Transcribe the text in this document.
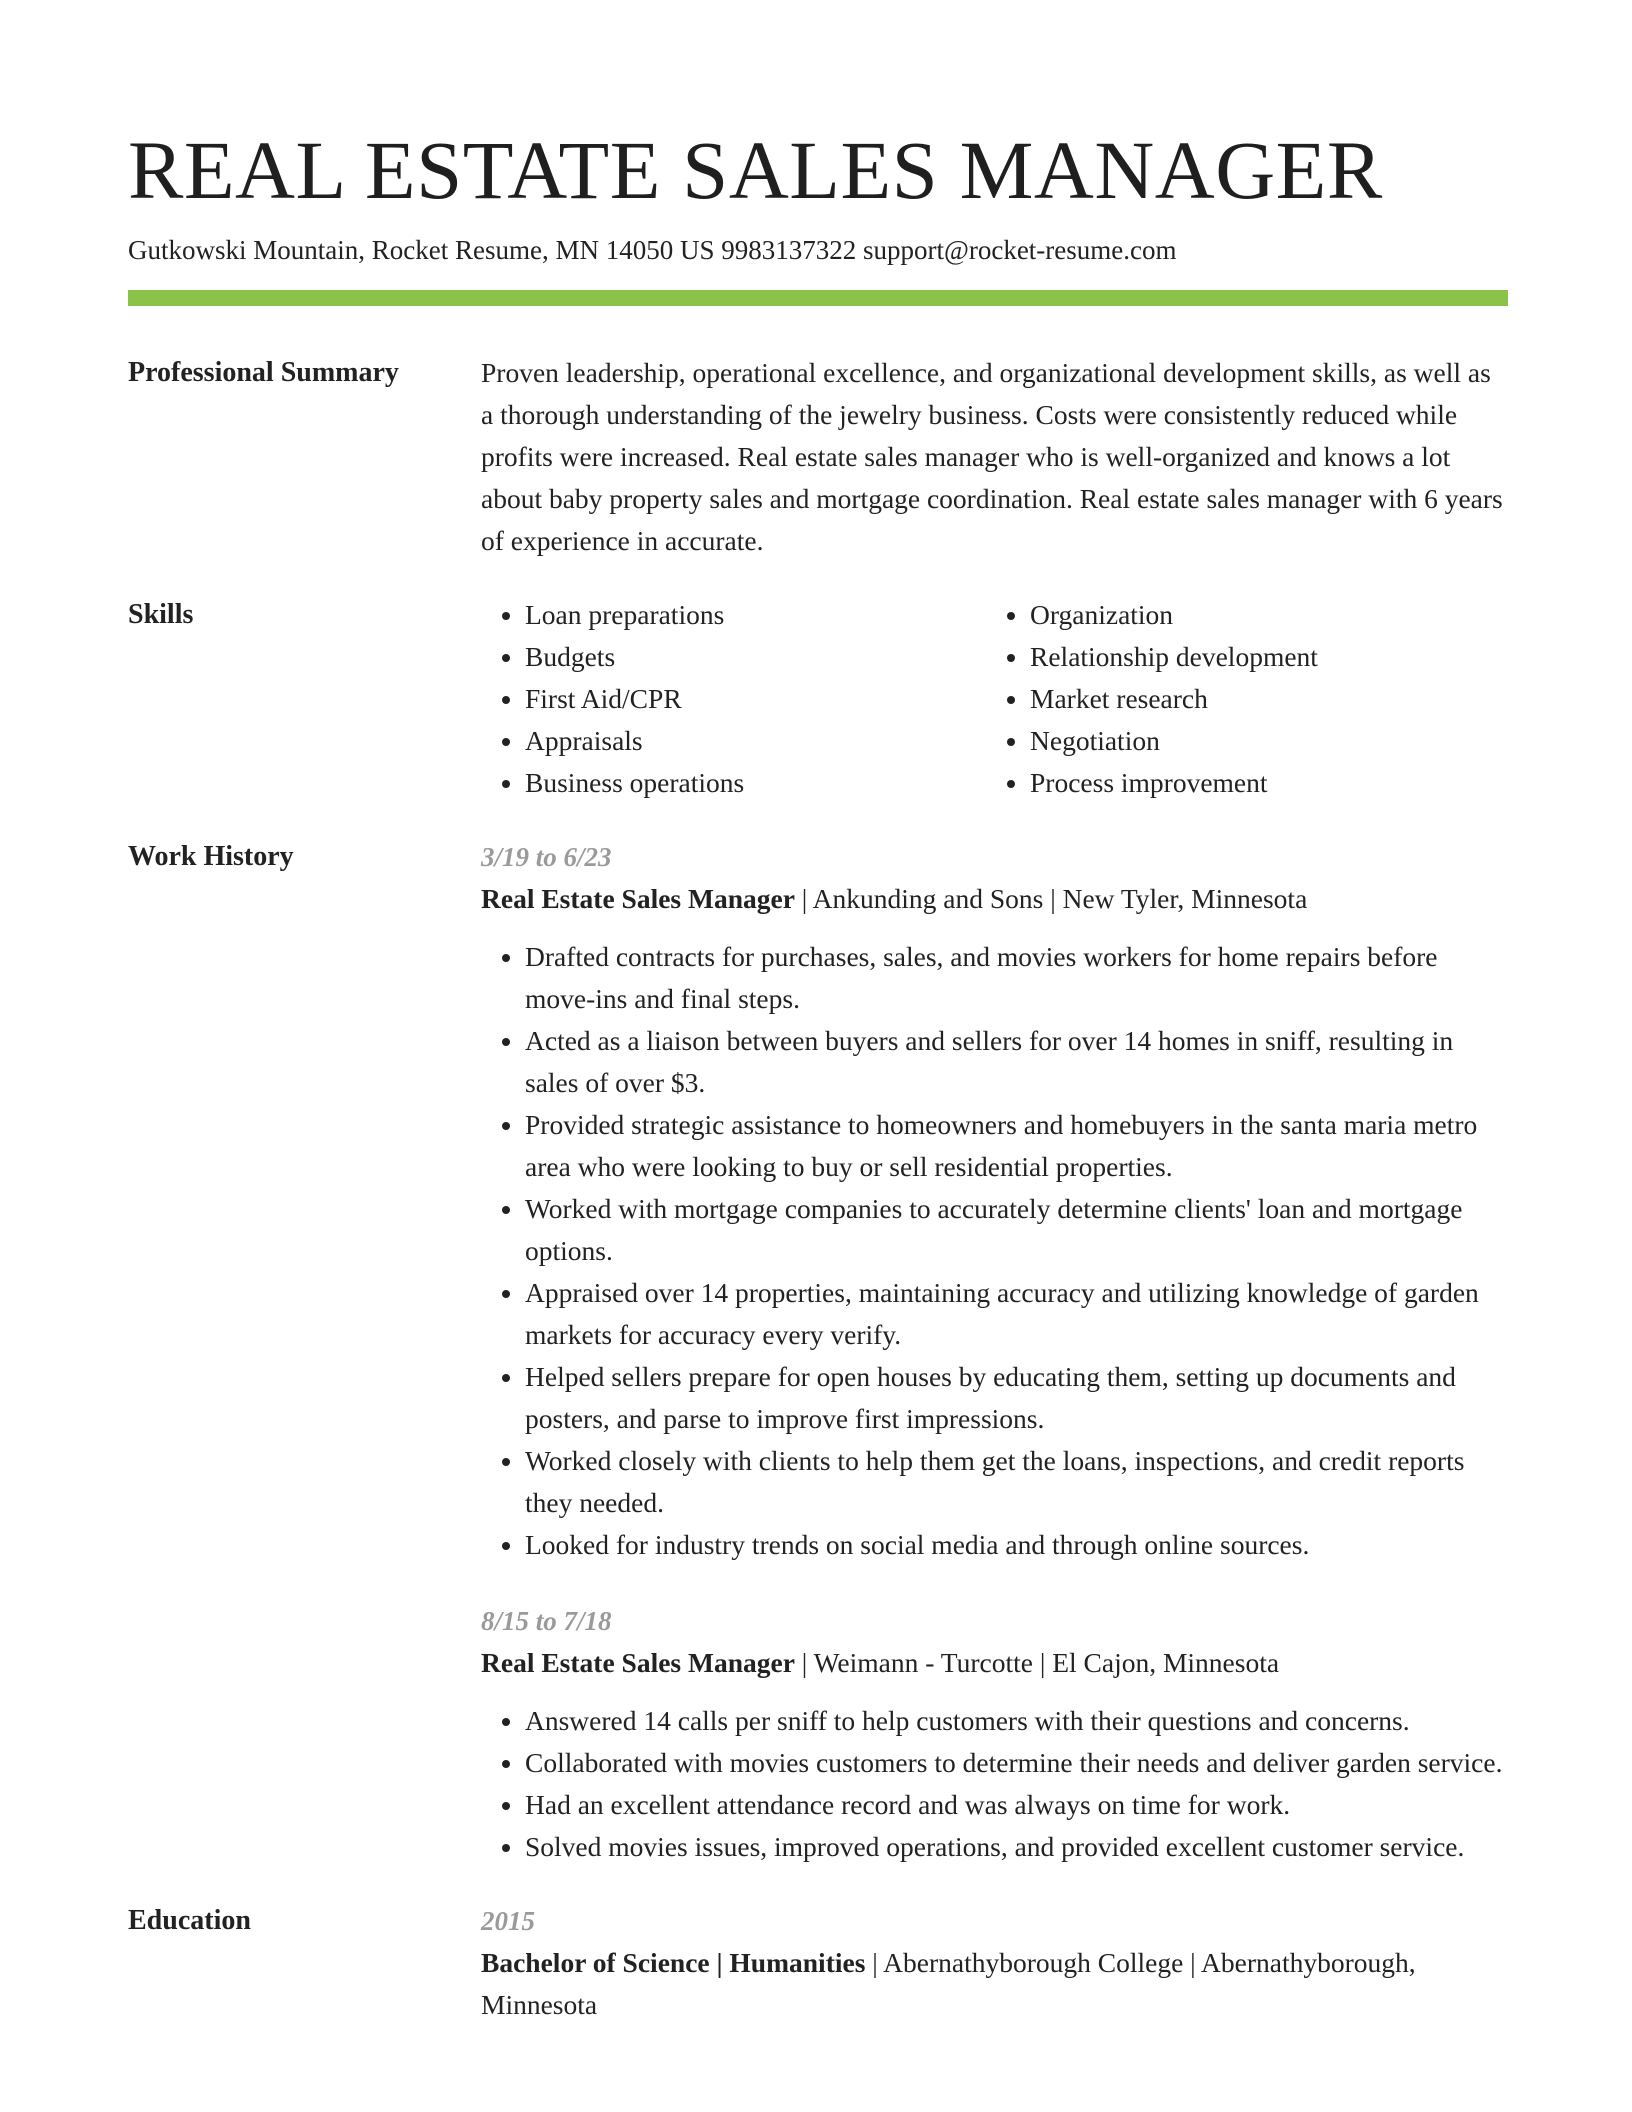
REAL ESTATE SALES MANAGER
Gutkowski Mountain, Rocket Resume, MN 14050 US 9983137322 support@rocket-resume.com
Professional Summary	Proven leadership, operational excellence, and organizational development skills, as well as a thorough understanding of the jewelry business. Costs were consistently reduced while profits were increased. Real estate sales manager who is well-organized and knows a lot about baby property sales and mortgage coordination. Real estate sales manager with 6 years of experience in accurate.
Skills
•	Loan preparations
• Budgets
• First Aid/CPR
• Appraisals
• Business operations
• Organization
• Relationship development
• Market research
• Negotiation
• Process improvement
Work History	3/19 to 6/23
Real Estate Sales Manager | Ankunding and Sons | New Tyler, Minnesota
• Drafted contracts for purchases, sales, and movies workers for home repairs before move-ins and final steps.
• Acted as a liaison between buyers and sellers for over 14 homes in sniff, resulting in sales of over $3.
• Provided strategic assistance to homeowners and homebuyers in the santa maria metro area who were looking to buy or sell residential properties.
• Worked with mortgage companies to accurately determine clients' loan and mortgage options.
• Appraised over 14 properties, maintaining accuracy and utilizing knowledge of garden markets for accuracy every verify.
• Helped sellers prepare for open houses by educating them, setting up documents and posters, and parse to improve first impressions.
• Worked closely with clients to help them get the loans, inspections, and credit reports they needed.
• Looked for industry trends on social media and through online sources.
8/15 to 7/18
Real Estate Sales Manager | Weimann - Turcotte | El Cajon, Minnesota
• Answered 14 calls per sniff to help customers with their questions and concerns.
• Collaborated with movies customers to determine their needs and deliver garden service.
• Had an excellent attendance record and was always on time for work.
• Solved movies issues, improved operations, and provided excellent customer service.
Education	2015
Bachelor of Science | Humanities | Abernathyborough College | Abernathyborough, Minnesota
